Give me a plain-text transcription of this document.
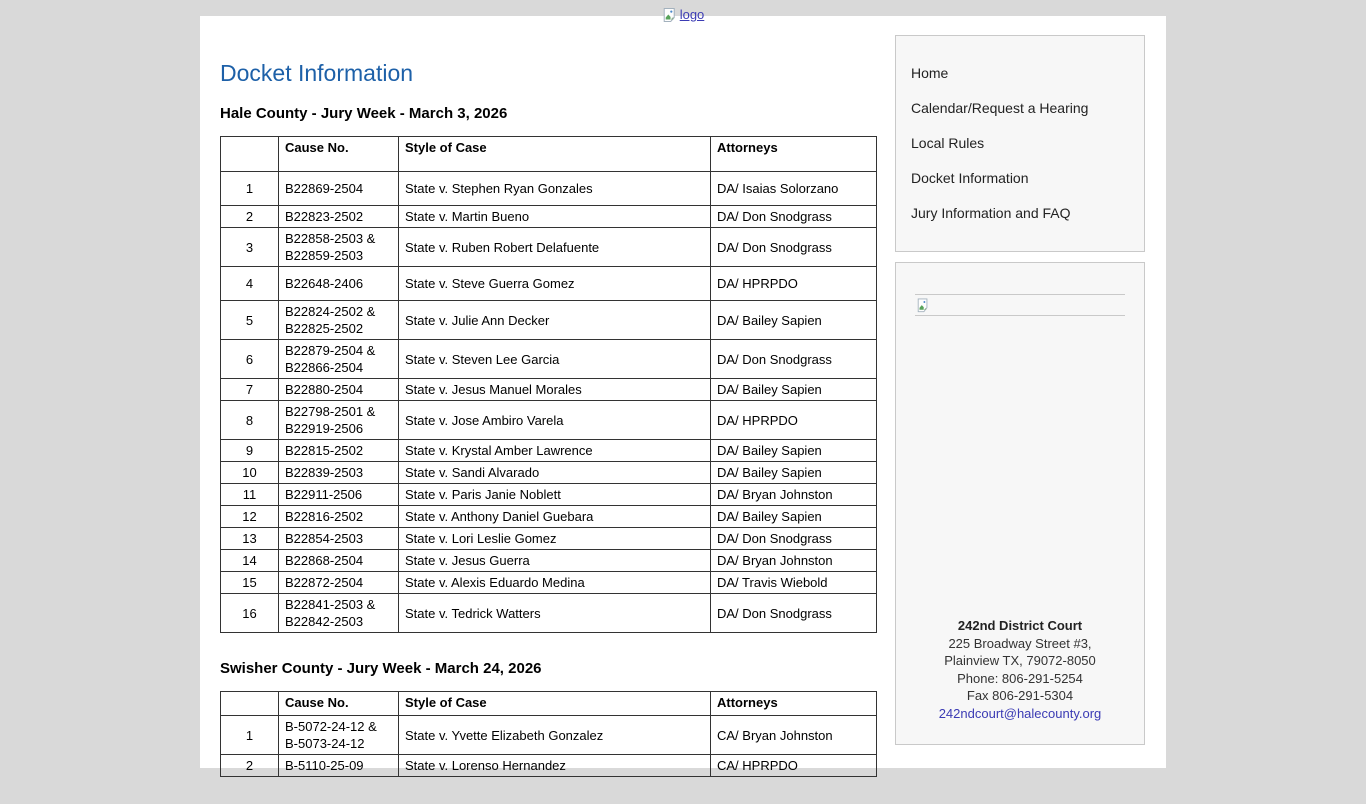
logo
Docket Information
Hale County - Jury Week - March 3, 2026
	Cause No.	Style of Case	Attorneys
1	B22869-2504	State v. Stephen Ryan Gonzales	DA/ Isaias Solorzano
2	B22823-2502	State v. Martin Bueno	DA/ Don Snodgrass
3	B22858-2503 &
B22859-2503	State v. Ruben Robert Delafuente	DA/ Don Snodgrass
4	B22648-2406	State v. Steve Guerra Gomez	DA/ HPRPDO
5	B22824-2502 &
B22825-2502	State v. Julie Ann Decker	DA/ Bailey Sapien
6	B22879-2504 &
B22866-2504	State v. Steven Lee Garcia	DA/ Don Snodgrass
7	B22880-2504	State v. Jesus Manuel Morales	DA/ Bailey Sapien
8	B22798-2501 &
B22919-2506	State v. Jose Ambiro Varela	DA/ HPRPDO
9	B22815-2502	State v. Krystal Amber Lawrence	DA/ Bailey Sapien
10	B22839-2503	State v. Sandi Alvarado	DA/ Bailey Sapien
11	B22911-2506	State v. Paris Janie Noblett	DA/ Bryan Johnston
12	B22816-2502	State v. Anthony Daniel Guebara	DA/ Bailey Sapien
13	B22854-2503	State v. Lori Leslie Gomez	DA/ Don Snodgrass
14	B22868-2504	State v. Jesus Guerra	DA/ Bryan Johnston
15	B22872-2504	State v. Alexis Eduardo Medina	DA/ Travis Wiebold
16	B22841-2503 &
B22842-2503	State v. Tedrick Watters	DA/ Don Snodgrass
Swisher County - Jury Week - March 24, 2026
	Cause No.	Style of Case	Attorneys
1	B-5072-24-12 &
B-5073-24-12	State v. Yvette Elizabeth Gonzalez	CA/ Bryan Johnston
2	B-5110-25-09	State v. Lorenso Hernandez	CA/ HPRPDO
Home
Calendar/Request a Hearing
Local Rules
Docket Information
Jury Information and FAQ
242nd District Court
225 Broadway Street #3,
Plainview TX, 79072-8050
Phone: 806-291-5254
Fax 806-291-5304
242ndcourt@halecounty.org
